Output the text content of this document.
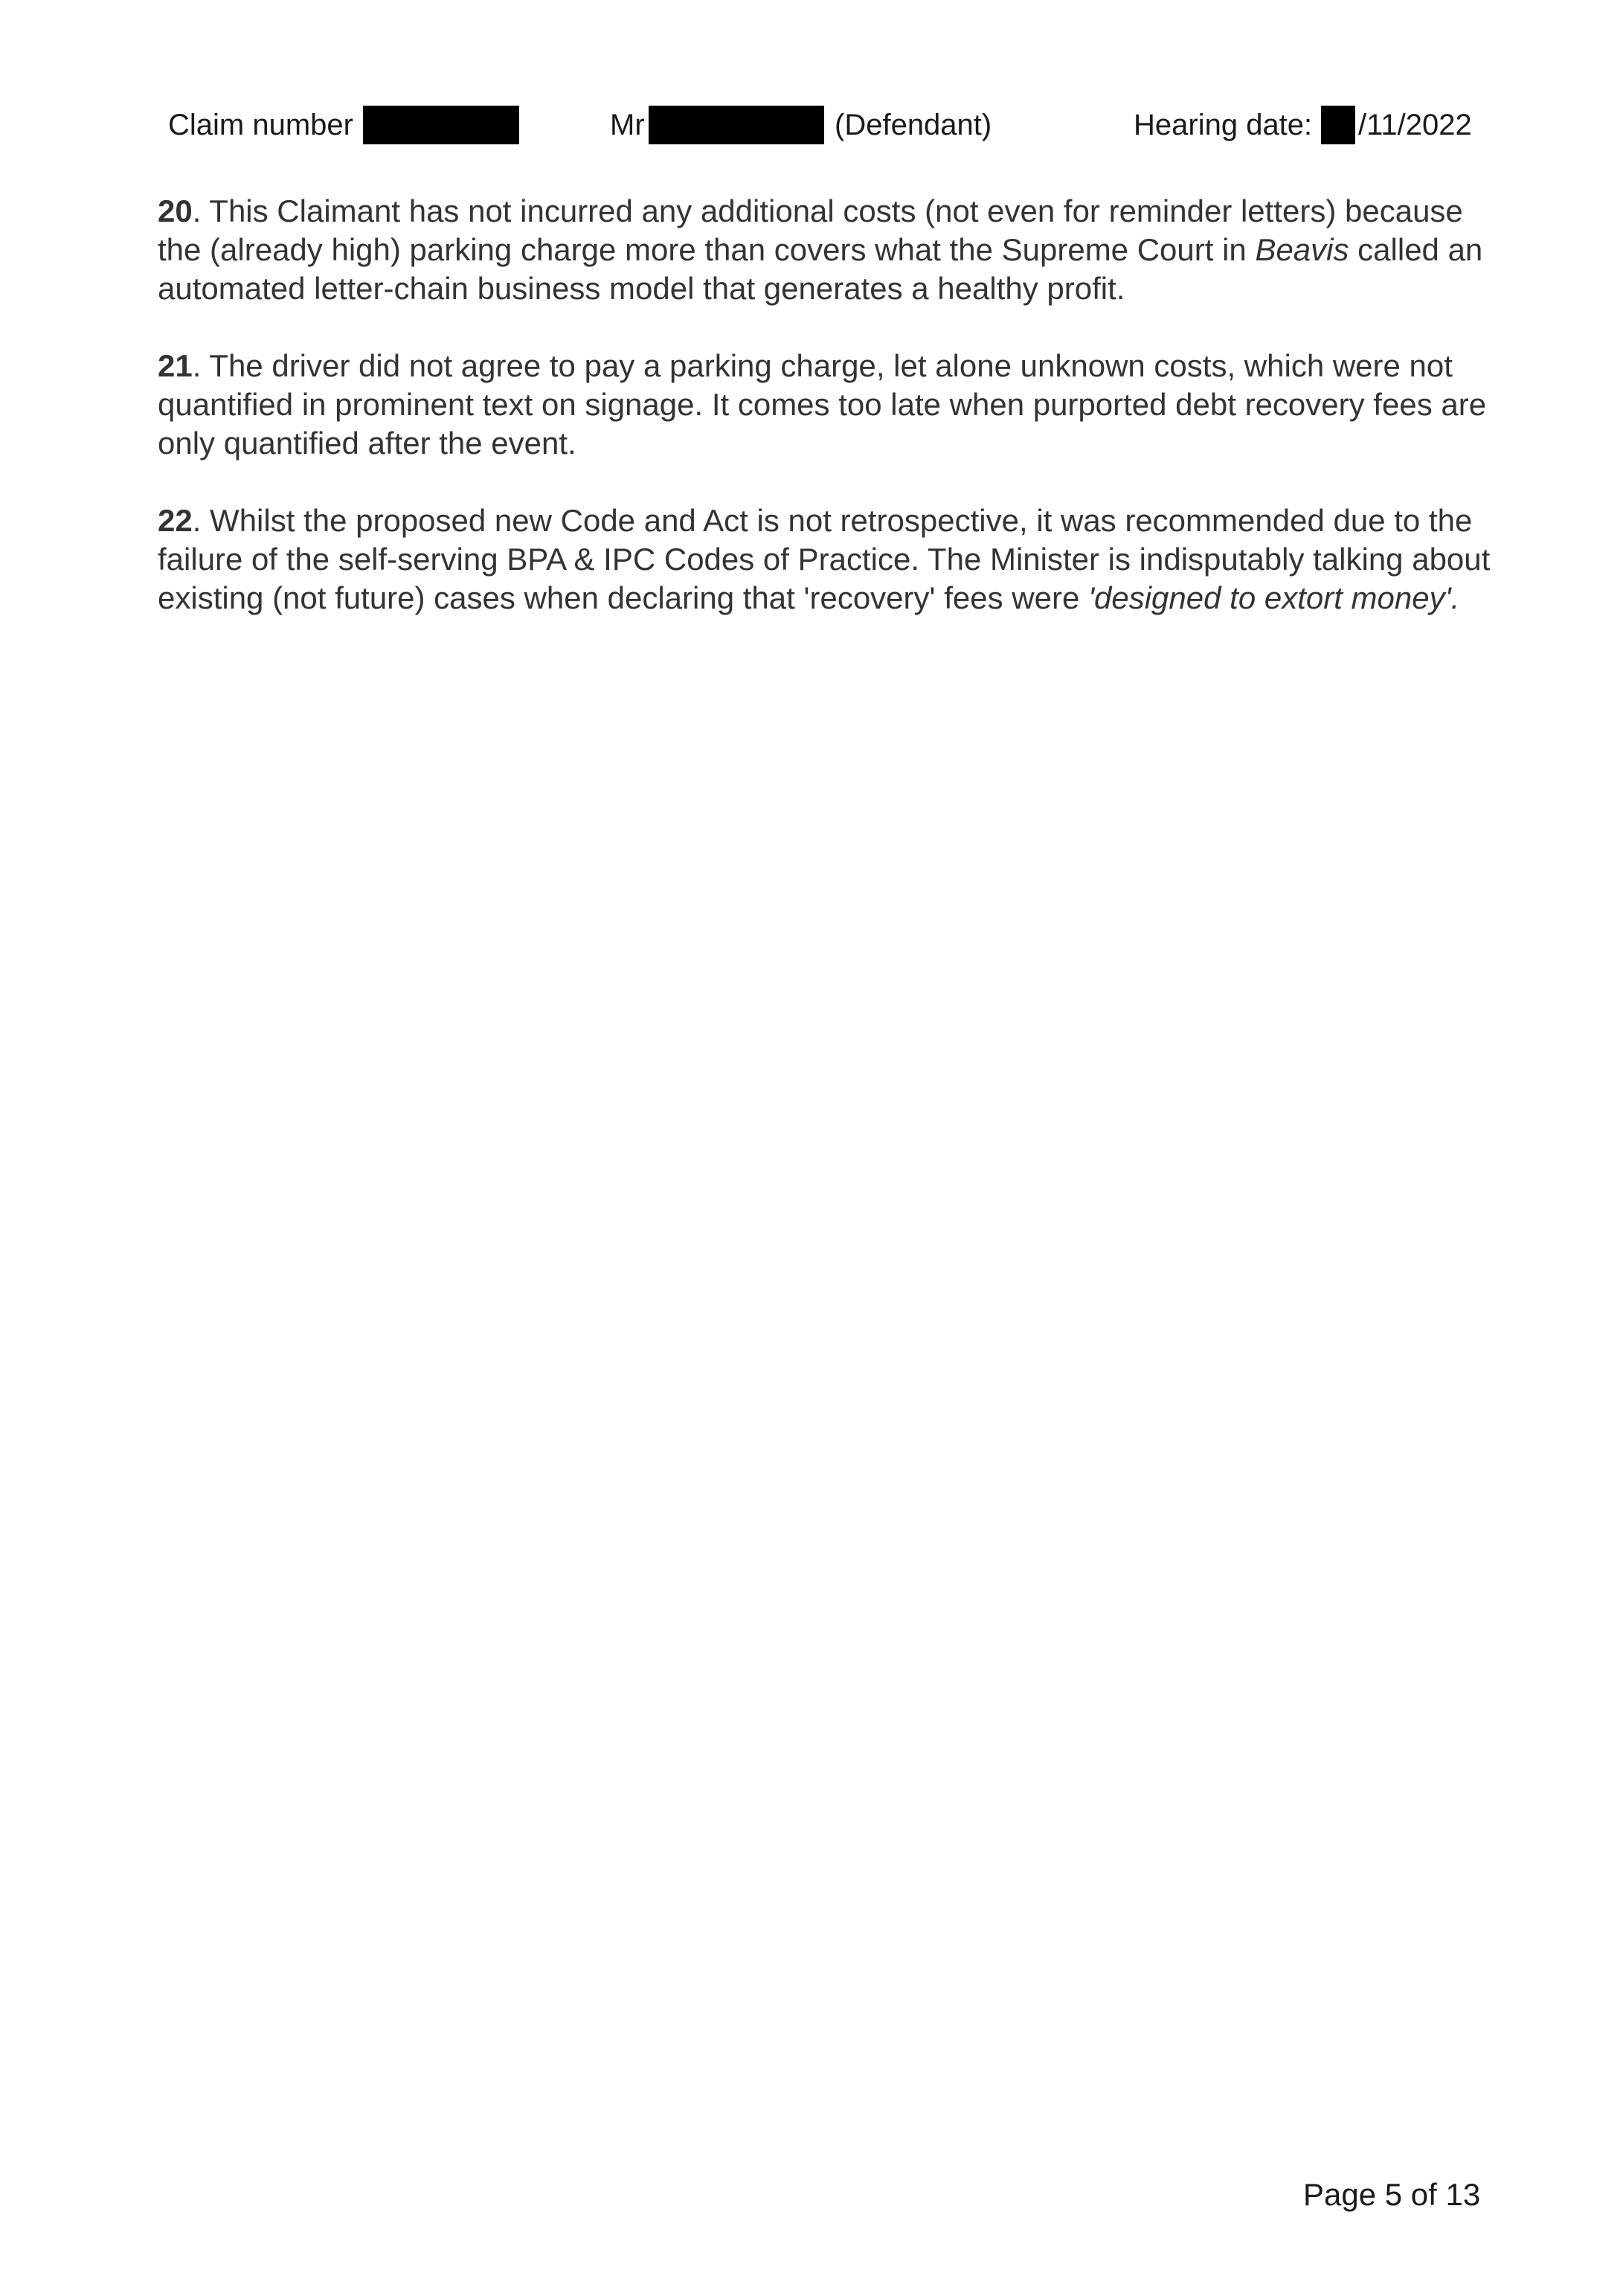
Claim number	Mr	(Defendant)	Hearing date: /11/2022

20. This Claimant has not incurred any additional costs (not even for reminder letters) because the (already high) parking charge more than covers what the Supreme Court in Beavis called an automated letter-chain business model that generates a healthy profit.

21. The driver did not agree to pay a parking charge, let alone unknown costs, which were not quantified in prominent text on signage. It comes too late when purported debt recovery fees are only quantified after the event.

22. Whilst the proposed new Code and Act is not retrospective, it was recommended due to the failure of the self-serving BPA & IPC Codes of Practice. The Minister is indisputably talking about existing (not future) cases when declaring that 'recovery' fees were 'designed to extort money'.

Page 5 of 13
